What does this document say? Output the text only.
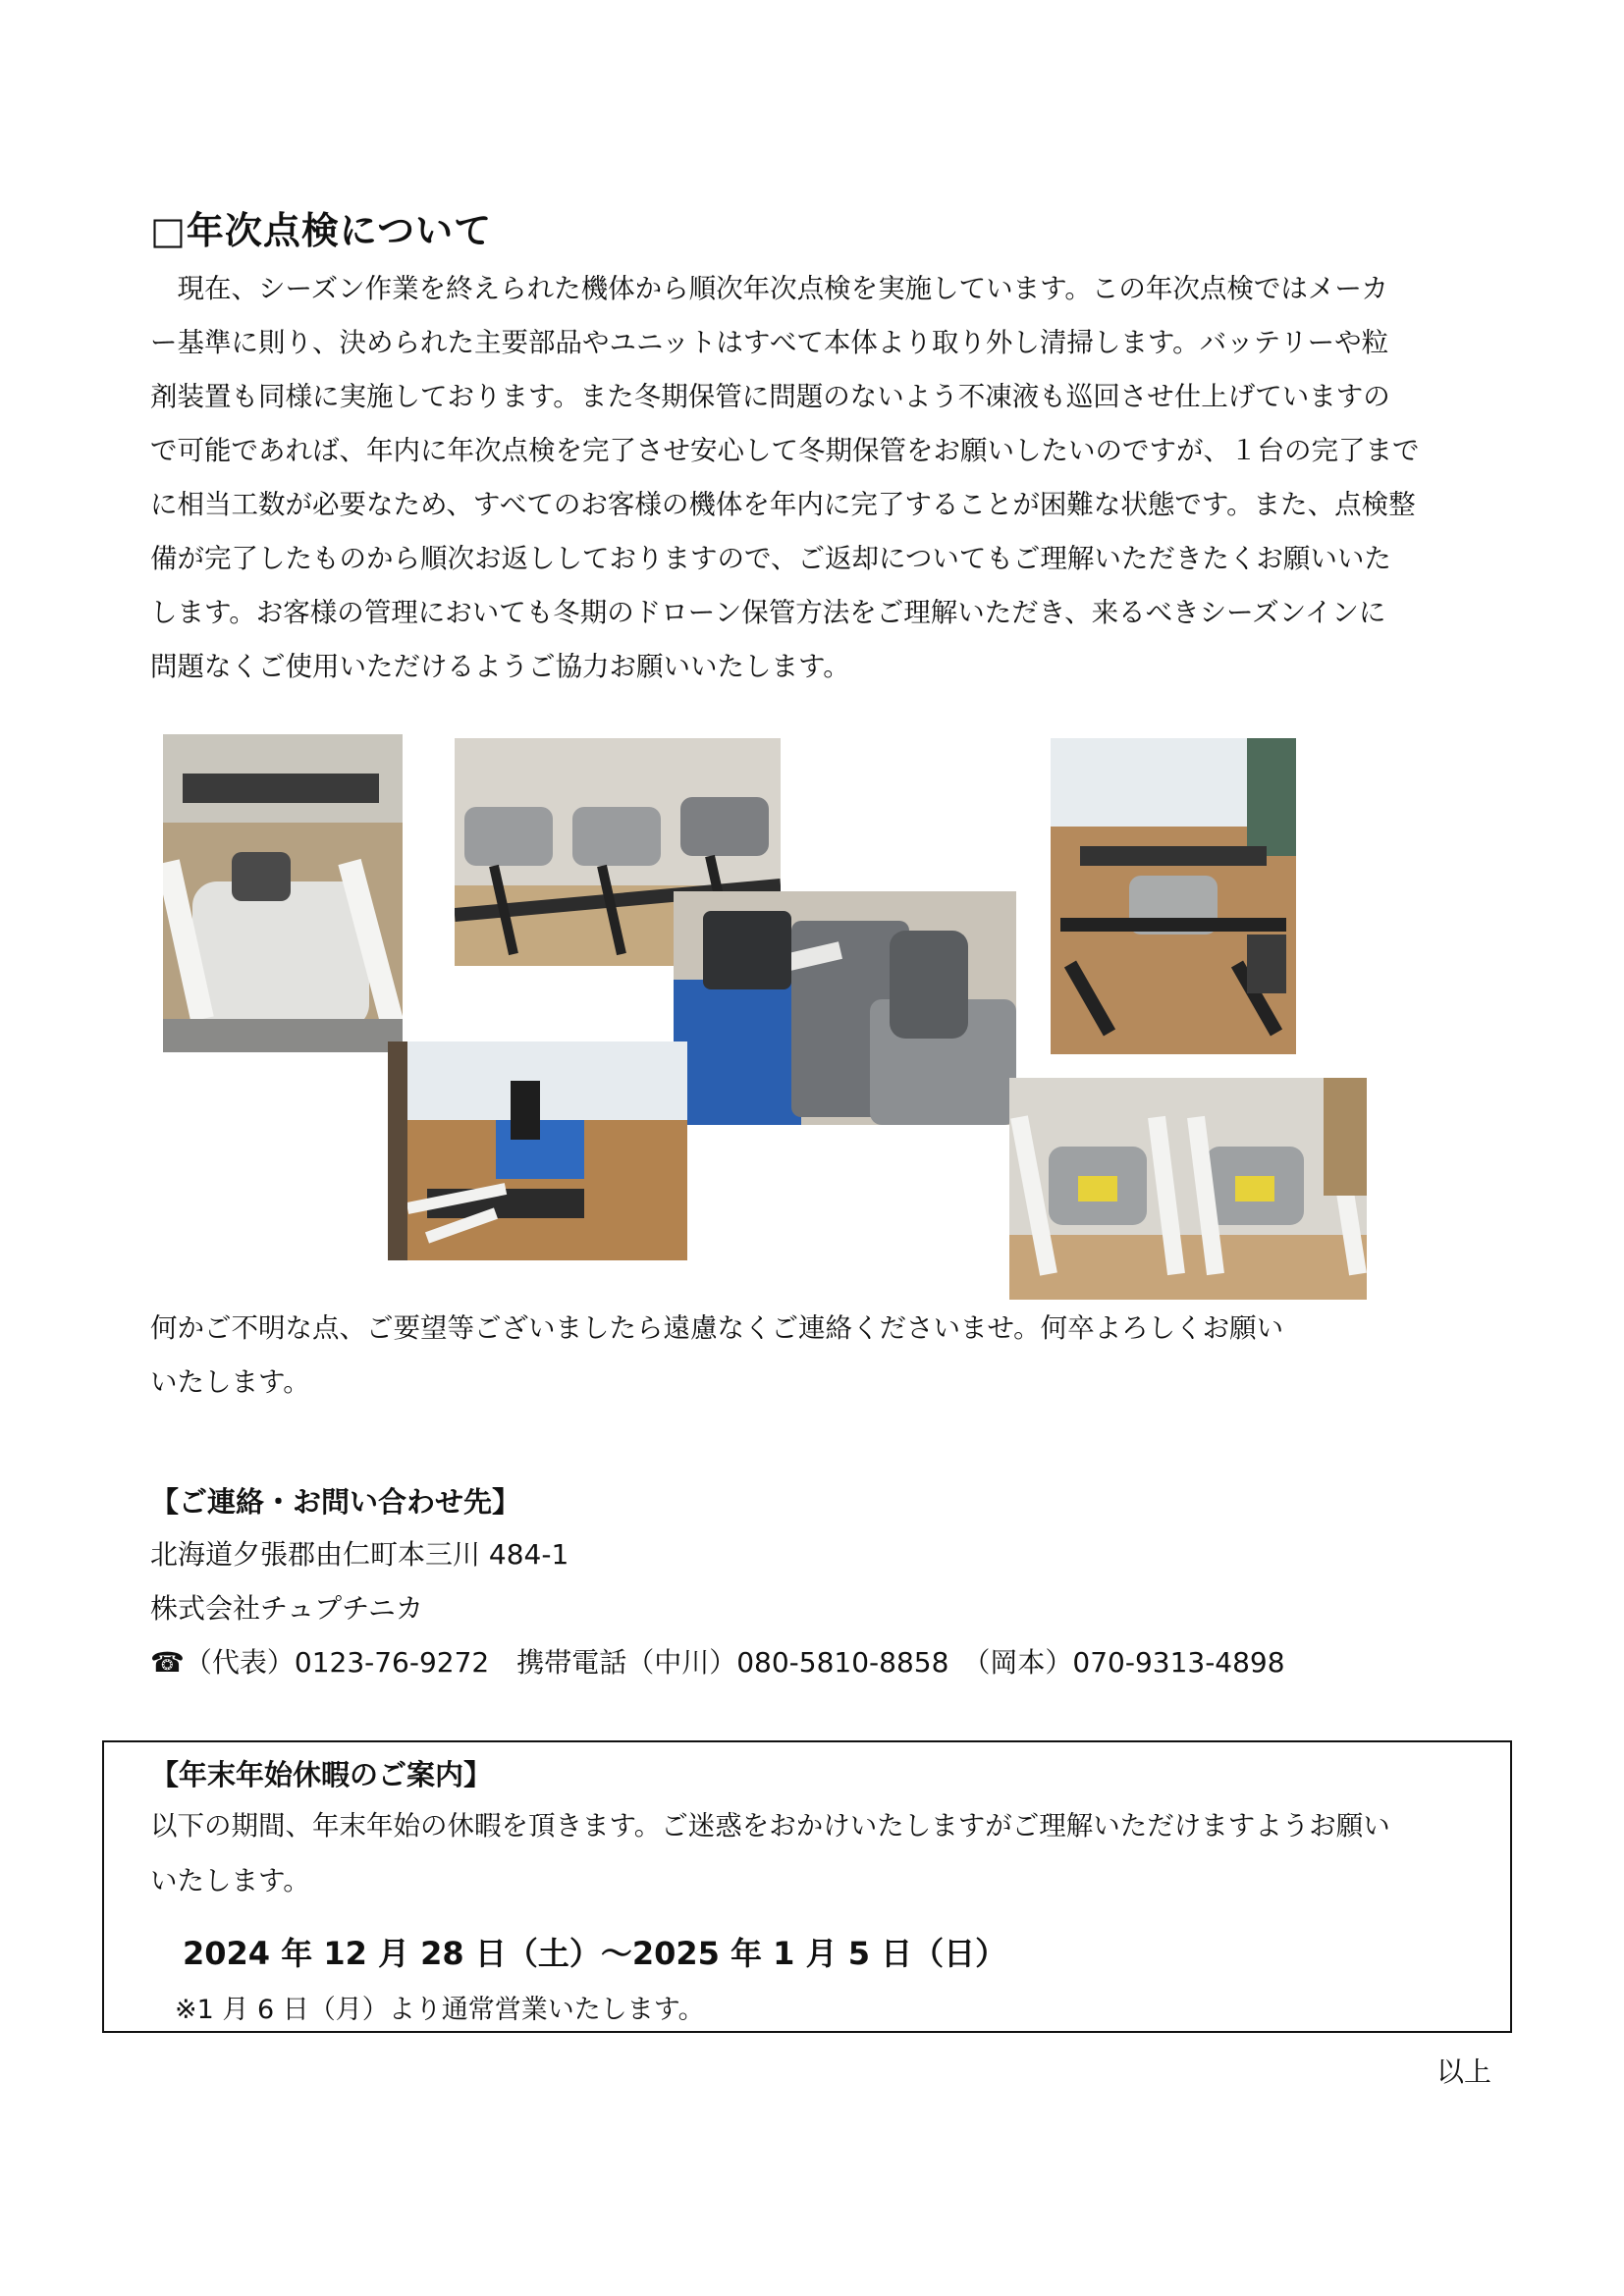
□年次点検について

　現在、シーズン作業を終えられた機体から順次年次点検を実施しています。この年次点検ではメーカ

ー基準に則り、決められた主要部品やユニットはすべて本体より取り外し清掃します。バッテリーや粒

剤装置も同様に実施しております。また冬期保管に問題のないよう不凍液も巡回させ仕上げていますの

で可能であれば、年内に年次点検を完了させ安心して冬期保管をお願いしたいのですが、１台の完了まで

に相当工数が必要なため、すべてのお客様の機体を年内に完了することが困難な状態です。また、点検整

備が完了したものから順次お返ししておりますので、ご返却についてもご理解いただきたくお願いいた

します。お客様の管理においても冬期のドローン保管方法をご理解いただき、来るべきシーズンインに

問題なくご使用いただけるようご協力お願いいたします。

何かご不明な点、ご要望等ございましたら遠慮なくご連絡くださいませ。何卒よろしくお願い

いたします。

【ご連絡・お問い合わせ先】
北海道夕張郡由仁町本三川 484-1
株式会社チュプチニカ
☎（代表）0123-76-9272　携帯電話（中川）080-5810-8858　（岡本）070-9313-4898
【年末年始休暇のご案内】

以下の期間、年末年始の休暇を頂きます。ご迷惑をおかけいたしますがご理解いただけますようお願い

いたします。

2024 年 12 月 28 日（土）～2025 年 1 月 5 日（日）
※1 月 6 日（月）より通常営業いたします。
以上
